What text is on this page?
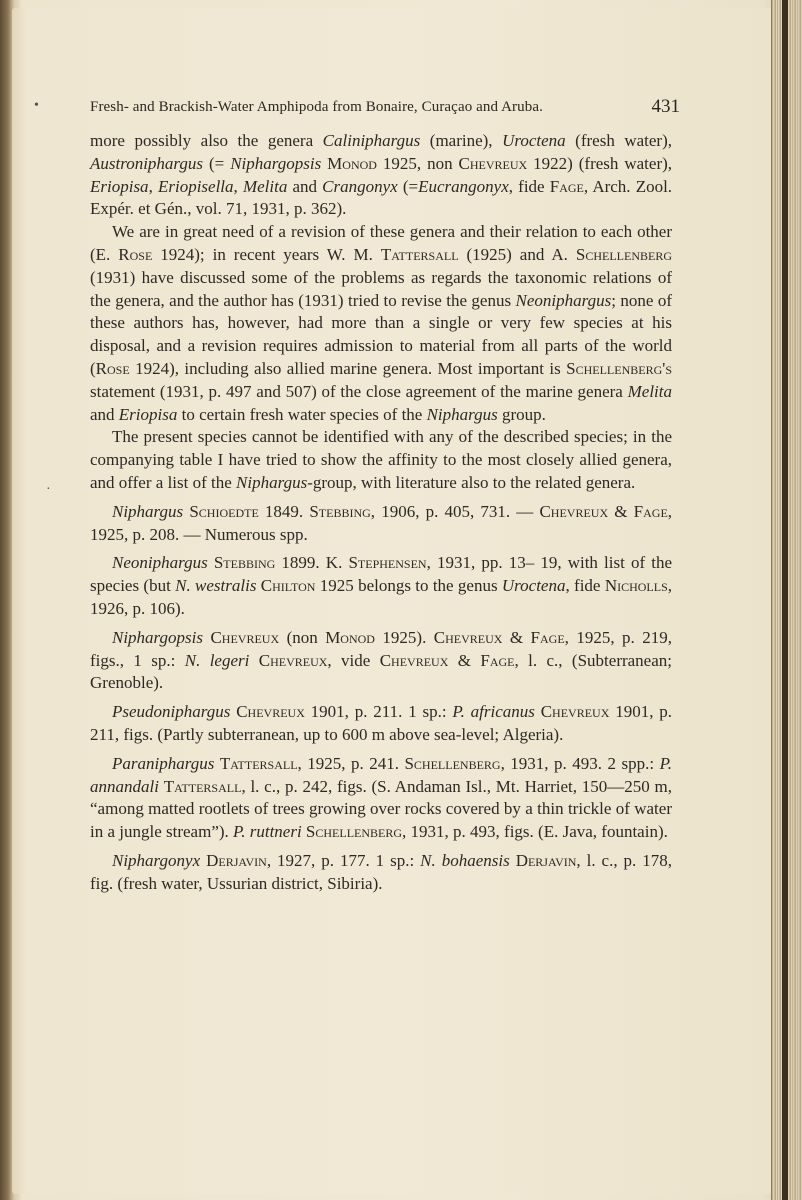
•
·
Fresh- and Brackish-Water Amphipoda from Bonaire, Curaçao and Aruba.	431

more possibly also the genera Caliniphargus (marine), Uroctena (fresh water), Austroniphargus (= Niphargopsis Monod 1925, non Chevreux 1922) (fresh water), Eriopisa, Eriopisella, Melita and Crangonyx (=Eucrangonyx, fide Fage, Arch. Zool. Expér. et Gén., vol. 71, 1931, p. 362).

We are in great need of a revision of these genera and their relation to each other (E. Rose 1924); in recent years W. M. Tattersall (1925) and A. Schellenberg (1931) have discussed some of the problems as regards the taxonomic relations of the genera, and the author has (1931) tried to revise the genus Neoniphargus; none of these authors has, however, had more than a single or very few species at his disposal, and a revision requires admission to material from all parts of the world (Rose 1924), including also allied marine genera. Most important is Schellenberg's statement (1931, p. 497 and 507) of the close agreement of the marine genera Melita and Eriopisa to certain fresh water species of the Niphargus group.

The present species cannot be identified with any of the described species; in the companying table I have tried to show the affinity to the most closely allied genera, and offer a list of the Niphargus-group, with literature also to the related genera.

Niphargus Schioedte 1849. Stebbing, 1906, p. 405, 731. — Chevreux & Fage, 1925, p. 208. — Numerous spp.

Neoniphargus Stebbing 1899. K. Stephensen, 1931, pp. 13– 19, with list of the species (but N. westralis Chilton 1925 belongs to the genus Uroctena, fide Nicholls, 1926, p. 106).

Niphargopsis Chevreux (non Monod 1925). Chevreux & Fage, 1925, p. 219, figs., 1 sp.: N. legeri Chevreux, vide Chevreux & Fage, l. c., (Subterranean; Grenoble).

Pseudoniphargus Chevreux 1901, p. 211. 1 sp.: P. africanus Chevreux 1901, p. 211, figs. (Partly subterranean, up to 600 m above sea-level; Algeria).

Paraniphargus Tattersall, 1925, p. 241. Schellenberg, 1931, p. 493. 2 spp.: P. annandali Tattersall, l. c., p. 242, figs. (S. Andaman Isl., Mt. Harriet, 150—250 m, “among matted rootlets of trees growing over rocks covered by a thin trickle of water in a jungle stream”). P. ruttneri Schellenberg, 1931, p. 493, figs. (E. Java, fountain).

Niphargonyx Derjavin, 1927, p. 177. 1 sp.: N. bohaensis Derjavin, l. c., p. 178, fig. (fresh water, Ussurian district, Sibiria).
